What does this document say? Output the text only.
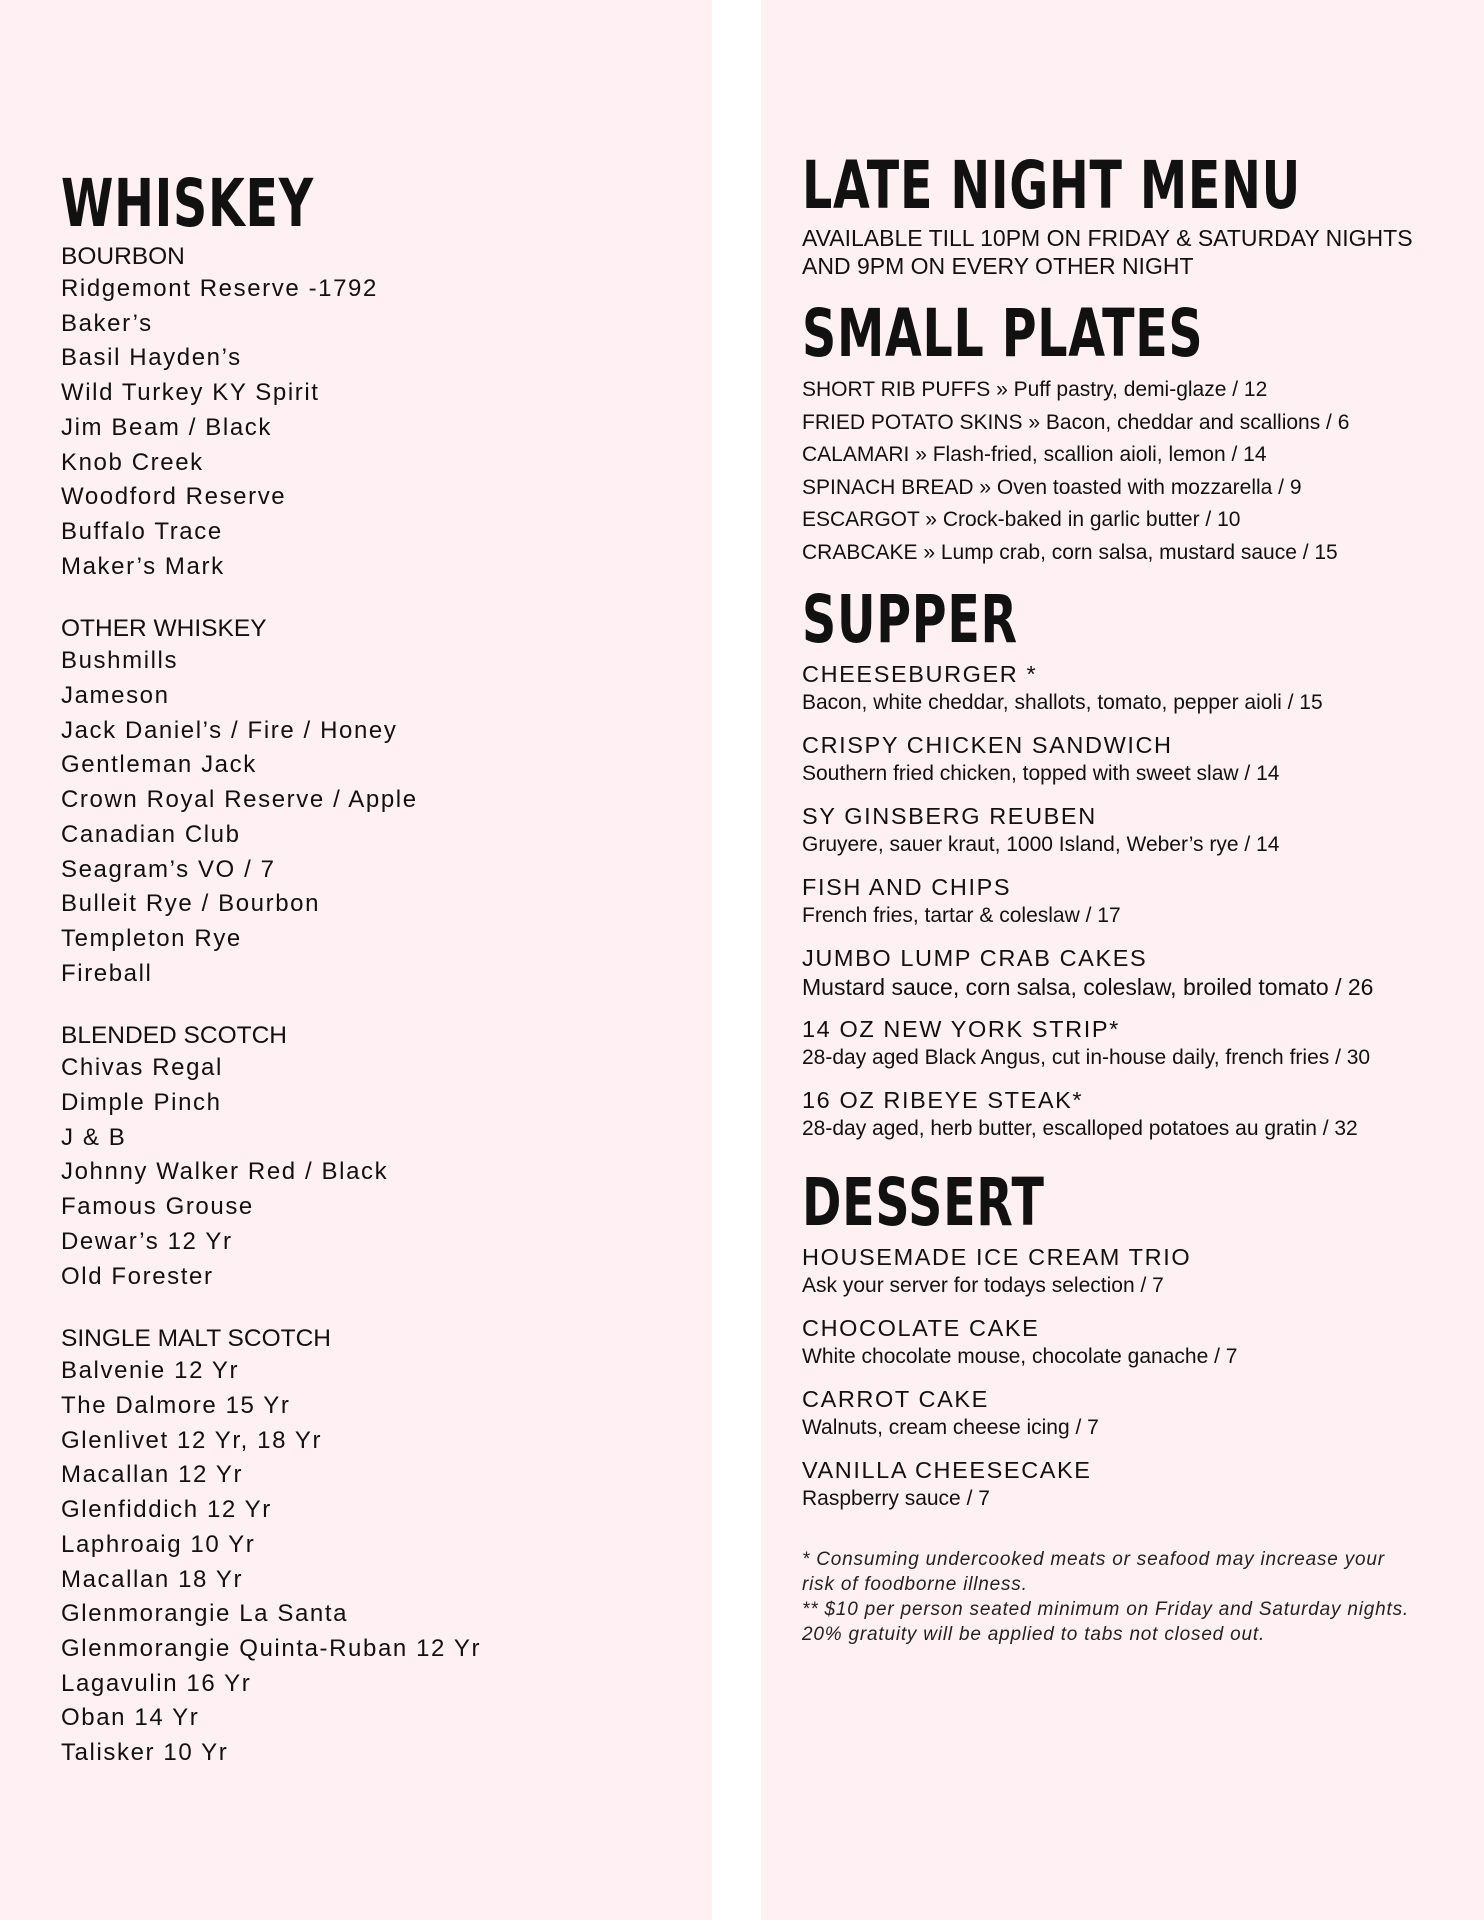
WHISKEY
BOURBON
Ridgemont Reserve -1792
Baker’s
Basil Hayden’s
Wild Turkey KY Spirit
Jim Beam / Black
Knob Creek
Woodford Reserve
Buffalo Trace
Maker’s Mark
OTHER WHISKEY
Bushmills
Jameson
Jack Daniel’s / Fire / Honey
Gentleman Jack
Crown Royal Reserve / Apple
Canadian Club
Seagram’s VO / 7
Bulleit Rye / Bourbon
Templeton Rye
Fireball
BLENDED SCOTCH
Chivas Regal
Dimple Pinch
J & B
Johnny Walker Red / Black
Famous Grouse
Dewar’s 12 Yr
Old Forester
SINGLE MALT SCOTCH
Balvenie 12 Yr
The Dalmore 15 Yr
Glenlivet 12 Yr, 18 Yr
Macallan 12 Yr
Glenfiddich 12 Yr
Laphroaig 10 Yr
Macallan 18 Yr
Glenmorangie La Santa
Glenmorangie Quinta-Ruban 12 Yr
Lagavulin 16 Yr
Oban 14 Yr
Talisker 10 Yr
LATE NIGHT MENU
AVAILABLE TILL 10PM ON FRIDAY & SATURDAY NIGHTS
AND 9PM ON EVERY OTHER NIGHT
SMALL PLATES
SHORT RIB PUFFS » Puff pastry, demi-glaze / 12
FRIED POTATO SKINS » Bacon, cheddar and scallions / 6
CALAMARI » Flash-fried, scallion aioli, lemon / 14
SPINACH BREAD » Oven toasted with mozzarella / 9
ESCARGOT » Crock-baked in garlic butter / 10
CRABCAKE » Lump crab, corn salsa, mustard sauce / 15
SUPPER
CHEESEBURGER *
Bacon, white cheddar, shallots, tomato, pepper aioli / 15
CRISPY CHICKEN SANDWICH
Southern fried chicken, topped with sweet slaw / 14
SY GINSBERG REUBEN
Gruyere, sauer kraut, 1000 Island, Weber’s rye / 14
FISH AND CHIPS
French fries, tartar & coleslaw / 17
JUMBO LUMP CRAB CAKES
Mustard sauce, corn salsa, coleslaw, broiled tomato / 26
14 OZ NEW YORK STRIP*
28-day aged Black Angus, cut in-house daily, french fries / 30
16 OZ RIBEYE STEAK*
28-day aged, herb butter, escalloped potatoes au gratin / 32
DESSERT
HOUSEMADE ICE CREAM TRIO
Ask your server for todays selection / 7
CHOCOLATE CAKE
White chocolate mouse, chocolate ganache / 7
CARROT CAKE
Walnuts, cream cheese icing / 7
VANILLA CHEESECAKE
Raspberry sauce / 7
* Consuming undercooked meats or seafood may increase your
risk of foodborne illness.
** $10 per person seated minimum on Friday and Saturday nights.
20% gratuity will be applied to tabs not closed out.
